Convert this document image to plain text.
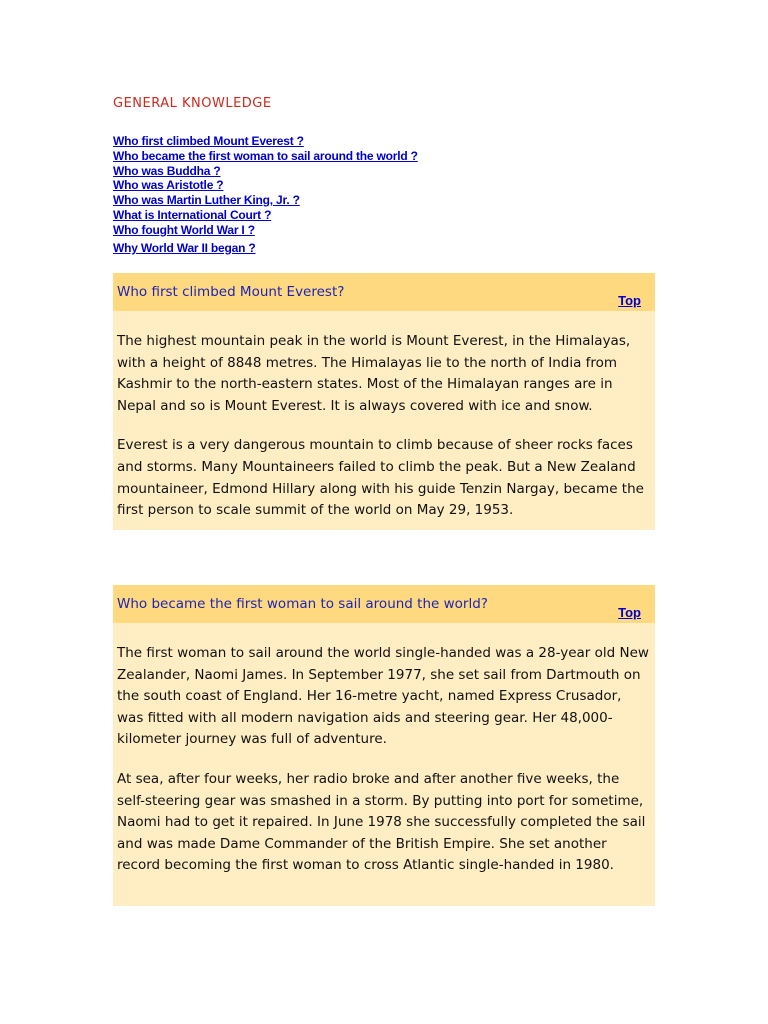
GENERAL KNOWLEDGE
Who first climbed Mount Everest ?
Who became the first woman to sail around the world ?
Who was Buddha ?
Who was Aristotle ?
Who was Martin Luther King, Jr. ?
What is International Court ?
Who fought World War I ?
Why World War II began ?
Who first climbed Mount Everest?
Top

The highest mountain peak in the world is Mount Everest, in the Himalayas, with a height of 8848 metres. The Himalayas lie to the north of India from Kashmir to the north-eastern states. Most of the Himalayan ranges are in Nepal and so is Mount Everest. It is always covered with ice and snow.

Everest is a very dangerous mountain to climb because of sheer rocks faces and storms. Many Mountaineers failed to climb the peak. But a New Zealand mountaineer, Edmond Hillary along with his guide Tenzin Nargay, became the first person to scale summit of the world on May 29, 1953.

Who became the first woman to sail around the world?
Top

The first woman to sail around the world single-handed was a 28-year old New Zealander, Naomi James. In September 1977, she set sail from Dartmouth on the south coast of England. Her 16-metre yacht, named Express Crusador, was fitted with all modern navigation aids and steering gear. Her 48,000-kilometer journey was full of adventure.

At sea, after four weeks, her radio broke and after another five weeks, the self-steering gear was smashed in a storm. By putting into port for sometime, Naomi had to get it repaired. In June 1978 she successfully completed the sail and was made Dame Commander of the British Empire. She set another record becoming the first woman to cross Atlantic single-handed in 1980.
